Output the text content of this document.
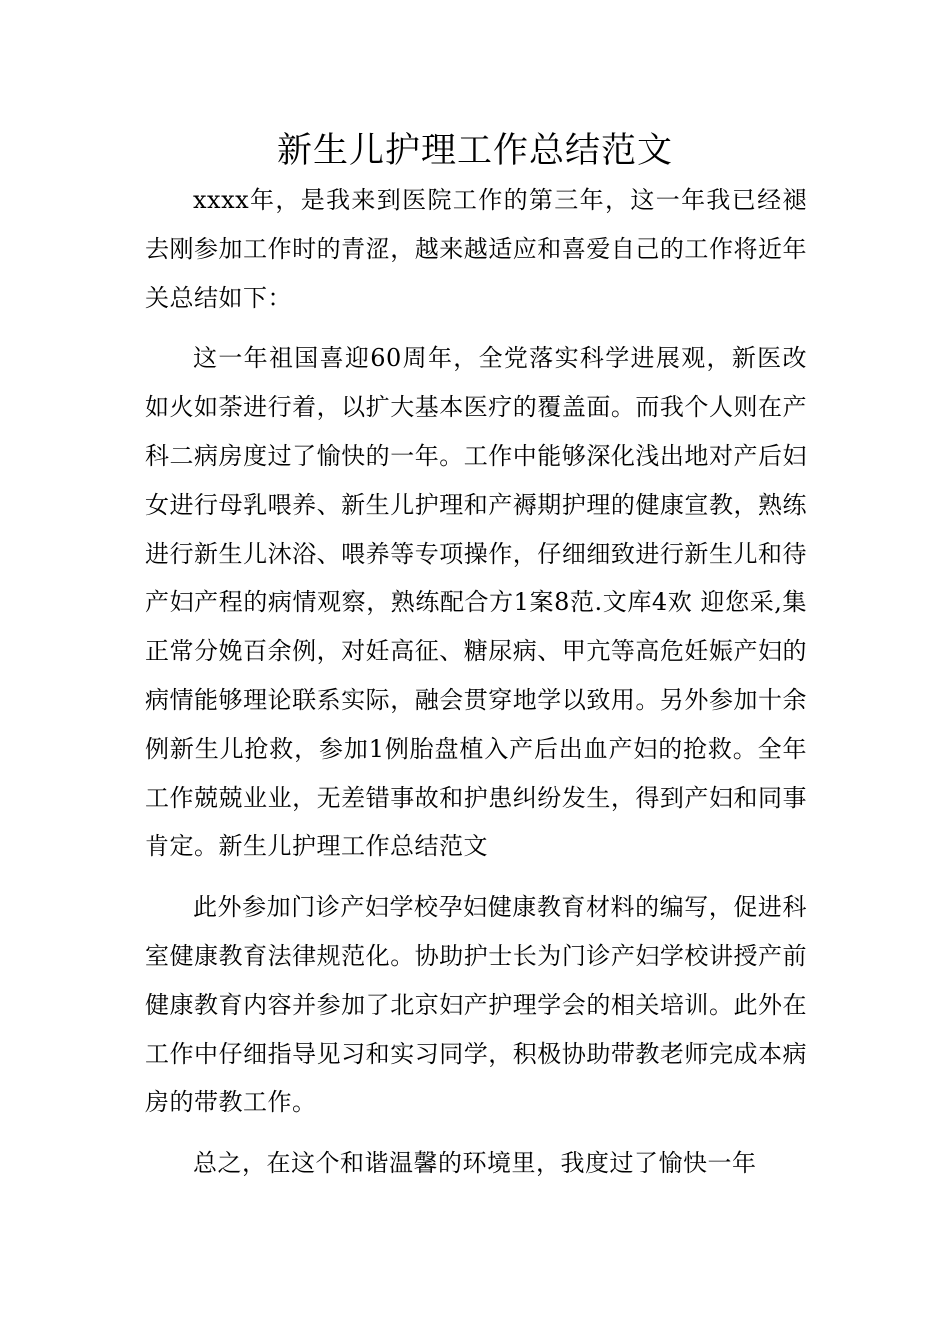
新生儿护理工作总结范文

xxxx年，是我来到医院工作的第三年，这一年我已经褪去刚参加工作时的青涩，越来越适应和喜爱自己的工作将近年关总结如下：

这一年祖国喜迎60周年，全党落实科学进展观，新医改如火如荼进行着，以扩大基本医疗的覆盖面。而我个人则在产科二病房度过了愉快的一年。工作中能够深化浅出地对产后妇女进行母乳喂养、新生儿护理和产褥期护理的健康宣教，熟练进行新生儿沐浴、喂养等专项操作，仔细细致进行新生儿和待产妇产程的病情观察，熟练配合方1案8范.文库4欢 迎您采,集正常分娩百余例，对妊高征、糖尿病、甲亢等高危妊娠产妇的病情能够理论联系实际，融会贯穿地学以致用。另外参加十余例新生儿抢救，参加1例胎盘植入产后出血产妇的抢救。全年工作兢兢业业，无差错事故和护患纠纷发生，得到产妇和同事肯定。新生儿护理工作总结范文

此外参加门诊产妇学校孕妇健康教育材料的编写，促进科室健康教育法律规范化。协助护士长为门诊产妇学校讲授产前健康教育内容并参加了北京妇产护理学会的相关培训。此外在工作中仔细指导见习和实习同学，积极协助带教老师完成本病房的带教工作。

总之，在这个和谐温馨的环境里，我度过了愉快一年
